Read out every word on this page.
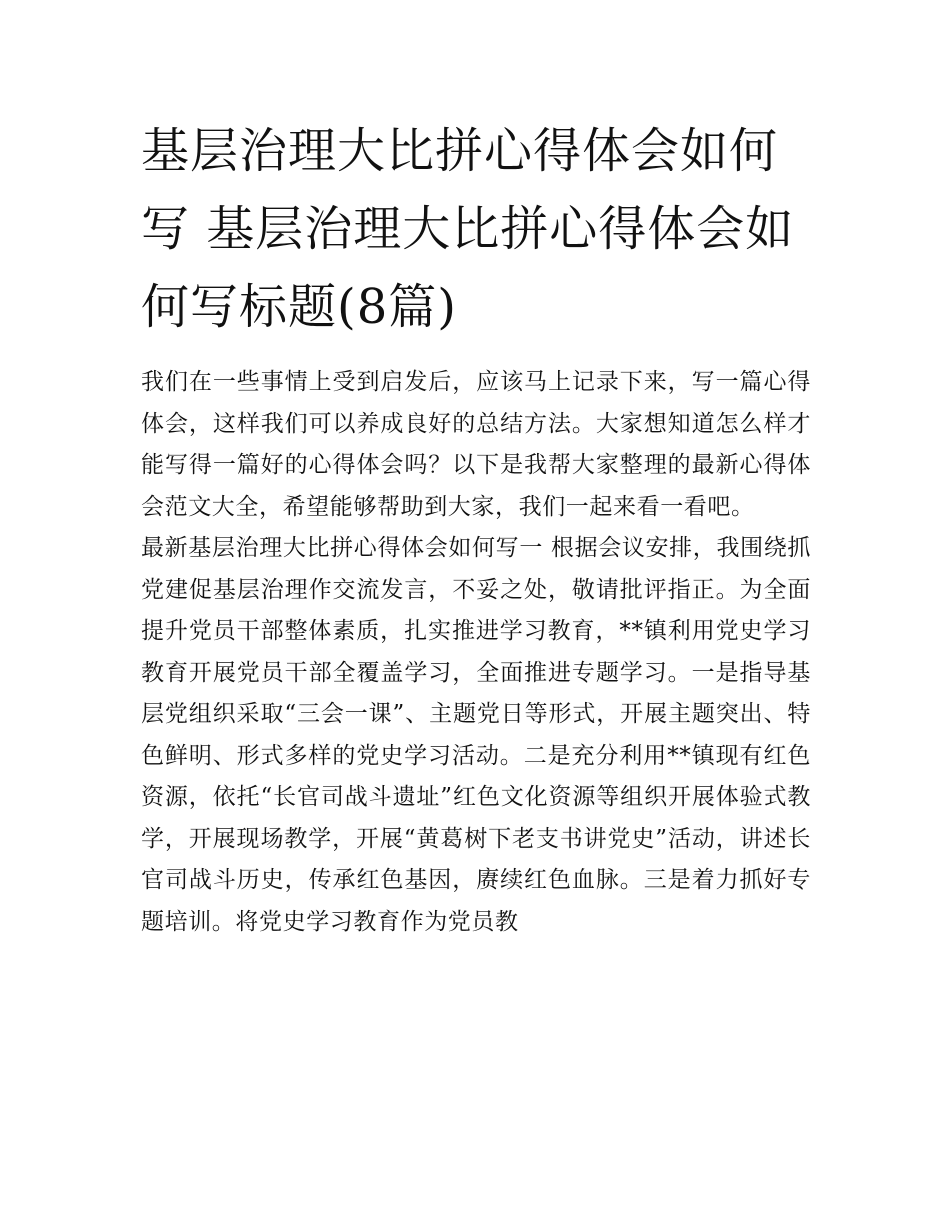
基层治理大比拼心得体会如何写 基层治理大比拼心得体会如何写标题(8篇)

我们在一些事情上受到启发后，应该马上记录下来，写一篇心得体会，这样我们可以养成良好的总结方法。大家想知道怎么样才能写得一篇好的心得体会吗？以下是我帮大家整理的最新心得体会范文大全，希望能够帮助到大家，我们一起来看一看吧。

最新基层治理大比拼心得体会如何写一 根据会议安排，我围绕抓党建促基层治理作交流发言，不妥之处，敬请批评指正。为全面提升党员干部整体素质，扎实推进学习教育，**镇利用党史学习教育开展党员干部全覆盖学习，全面推进专题学习。一是指导基层党组织采取“三会一课”、主题党日等形式，开展主题突出、特色鲜明、形式多样的党史学习活动。二是充分利用**镇现有红色资源，依托“长官司战斗遗址”红色文化资源等组织开展体验式教学，开展现场教学，开展“黄葛树下老支书讲党史”活动，讲述长官司战斗历史，传承红色基因，赓续红色血脉。三是着力抓好专题培训。将党史学习教育作为党员教
